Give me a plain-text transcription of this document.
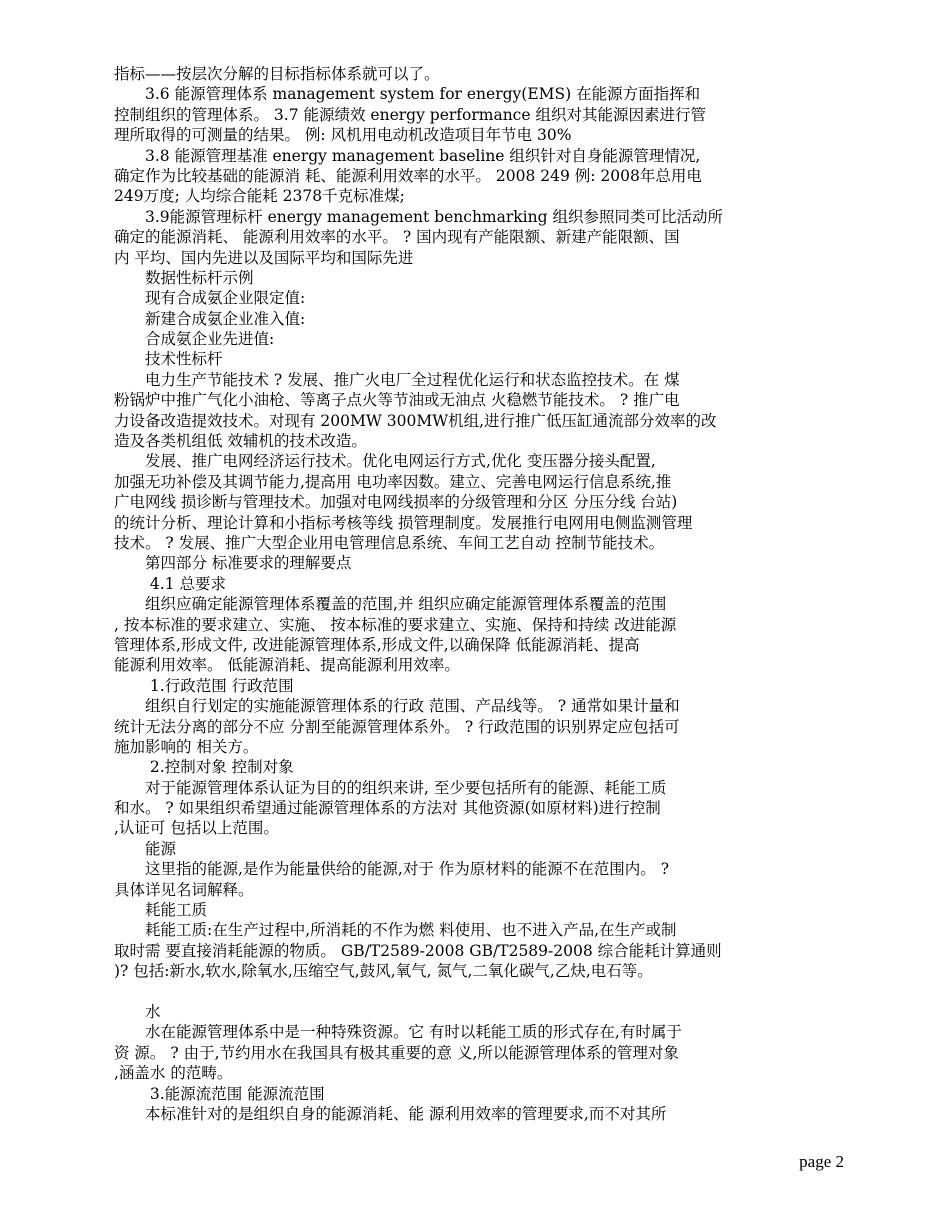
指标——按层次分解的目标指标体系就可以了。
　　3.6 能源管理体系 management system for energy(EMS) 在能源方面指挥和
控制组织的管理体系。 3.7 能源绩效 energy performance 组织对其能源因素进行管
理所取得的可测量的结果。 例: 风机用电动机改造项目年节电 30%
　　3.8 能源管理基准 energy management baseline 组织针对自身能源管理情况,
确定作为比较基础的能源消 耗、能源利用效率的水平。 2008 249 例: 2008年总用电
249万度; 人均综合能耗 2378千克标准煤;
　　3.9能源管理标杆 energy management benchmarking 组织参照同类可比活动所
确定的能源消耗、 能源利用效率的水平。 ? 国内现有产能限额、新建产能限额、国
内 平均、国内先进以及国际平均和国际先进
　　数据性标杆示例
　　现有合成氨企业限定值:
　　新建合成氨企业准入值:
　　合成氨企业先进值:
　　技术性标杆
　　电力生产节能技术 ? 发展、推广火电厂全过程优化运行和状态监控技术。在 煤
粉锅炉中推广气化小油枪、等离子点火等节油或无油点 火稳燃节能技术。 ? 推广电
力设备改造提效技术。对现有 200MW 300MW机组,进行推广低压缸通流部分效率的改
造及各类机组低 效辅机的技术改造。
　　发展、推广电网经济运行技术。优化电网运行方式,优化 变压器分接头配置,
加强无功补偿及其调节能力,提高用 电功率因数。建立、完善电网运行信息系统,推
广电网线 损诊断与管理技术。加强对电网线损率的分级管理和分区 分压分线 台站)
的统计分析、理论计算和小指标考核等线 损管理制度。发展推行电网用电侧监测管理
技术。 ? 发展、推广大型企业用电管理信息系统、车间工艺自动 控制节能技术。
　　第四部分 标准要求的理解要点
　　 4.1 总要求
　　组织应确定能源管理体系覆盖的范围,并 组织应确定能源管理体系覆盖的范围
, 按本标准的要求建立、实施、 按本标准的要求建立、实施、保持和持续 改进能源
管理体系,形成文件, 改进能源管理体系,形成文件,以确保降 低能源消耗、提高
能源利用效率。 低能源消耗、提高能源利用效率。
　　 1.行政范围 行政范围
　　组织自行划定的实施能源管理体系的行政 范围、产品线等。 ? 通常如果计量和
统计无法分离的部分不应 分割至能源管理体系外。 ? 行政范围的识别界定应包括可
施加影响的 相关方。
　　 2.控制对象 控制对象
　　对于能源管理体系认证为目的的组织来讲, 至少要包括所有的能源、耗能工质
和水。 ? 如果组织希望通过能源管理体系的方法对 其他资源(如原材料)进行控制
,认证可 包括以上范围。
　　能源
　　这里指的能源,是作为能量供给的能源,对于 作为原材料的能源不在范围内。 ?
具体详见名词解释。
　　耗能工质
　　耗能工质:在生产过程中,所消耗的不作为燃 料使用、也不进入产品,在生产或制
取时需 要直接消耗能源的物质。 GB/T2589-2008 GB/T2589-2008 综合能耗计算通则
)? 包括:新水,软水,除氧水,压缩空气,鼓风,氧气, 氮气,二氧化碳气,乙炔,电石等。
　　水
　　水在能源管理体系中是一种特殊资源。它 有时以耗能工质的形式存在,有时属于
资 源。 ? 由于,节约用水在我国具有极其重要的意 义,所以能源管理体系的管理对象
,涵盖水 的范畴。
　　 3.能源流范围 能源流范围
　　本标准针对的是组织自身的能源消耗、能 源利用效率的管理要求,而不对其所
page 2
